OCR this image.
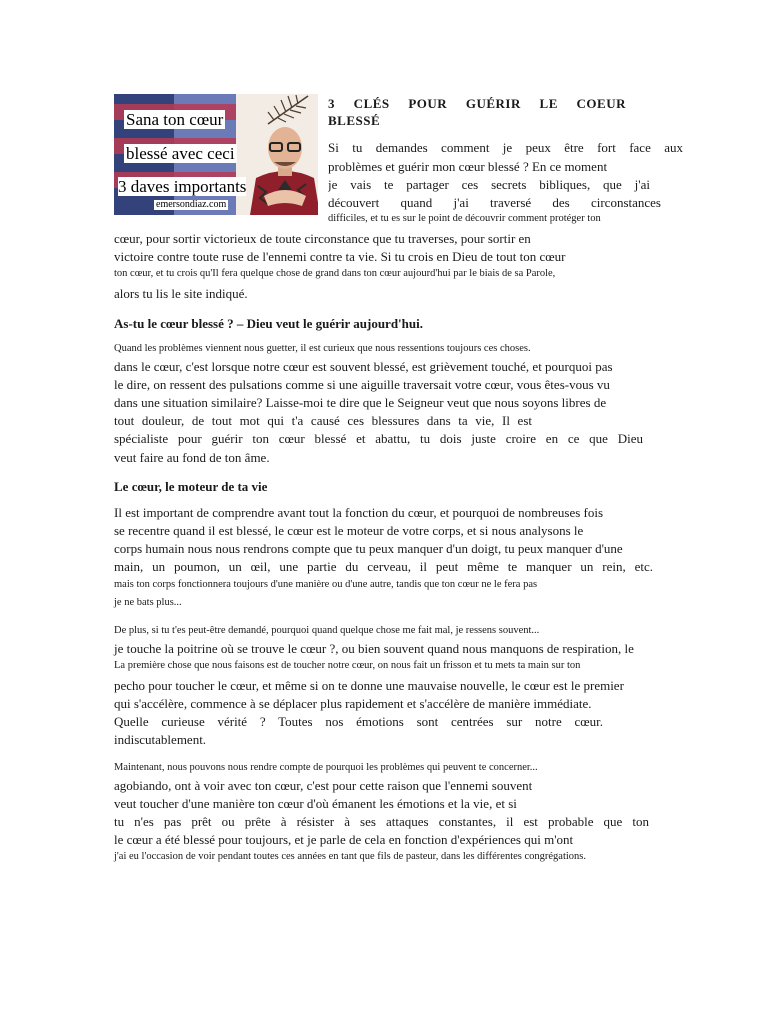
Sana ton cœur
blessé avec ceci
3 daves importants
emersondiaz.com
3 CLÉS POUR GUÉRIR LE COEUR
BLESSÉ
Si tu demandes comment je peux être fort face aux
problèmes et guérir mon cœur blessé ? En ce moment
je vais te partager ces secrets bibliques, que j'ai
découvert quand j'ai traversé des circonstances
difficiles, et tu es sur le point de découvrir comment protéger ton
cœur, pour sortir victorieux de toute circonstance que tu traverses, pour sortir en
victoire contre toute ruse de l'ennemi contre ta vie. Si tu crois en Dieu de tout ton cœur
ton cœur, et tu crois qu'Il fera quelque chose de grand dans ton cœur aujourd'hui par le biais de sa Parole,
alors tu lis le site indiqué.
As-tu le cœur blessé ? – Dieu veut le guérir aujourd'hui.
Quand les problèmes viennent nous guetter, il est curieux que nous ressentions toujours ces choses.
dans le cœur, c'est lorsque notre cœur est souvent blessé, est grièvement touché, et pourquoi pas
le dire, on ressent des pulsations comme si une aiguille traversait votre cœur, vous êtes-vous vu
dans une situation similaire? Laisse-moi te dire que le Seigneur veut que nous soyons libres de
tout douleur, de tout mot qui t'a causé ces blessures dans ta vie, Il est
spécialiste pour guérir ton cœur blessé et abattu, tu dois juste croire en ce que Dieu
veut faire au fond de ton âme.
Le cœur, le moteur de ta vie
Il est important de comprendre avant tout la fonction du cœur, et pourquoi de nombreuses fois
se recentre quand il est blessé, le cœur est le moteur de votre corps, et si nous analysons le
corps humain nous nous rendrons compte que tu peux manquer d'un doigt, tu peux manquer d'une
main, un poumon, un œil, une partie du cerveau, il peut même te manquer un rein, etc.
mais ton corps fonctionnera toujours d'une manière ou d'une autre, tandis que ton cœur ne le fera pas
je ne bats plus...
De plus, si tu t'es peut-être demandé, pourquoi quand quelque chose me fait mal, je ressens souvent...
je touche la poitrine où se trouve le cœur ?, ou bien souvent quand nous manquons de respiration, le
La première chose que nous faisons est de toucher notre cœur, on nous fait un frisson et tu mets ta main sur ton
pecho pour toucher le cœur, et même si on te donne une mauvaise nouvelle, le cœur est le premier
qui s'accélère, commence à se déplacer plus rapidement et s'accélère de manière immédiate.
Quelle curieuse vérité ? Toutes nos émotions sont centrées sur notre cœur.
indiscutablement.
Maintenant, nous pouvons nous rendre compte de pourquoi les problèmes qui peuvent te concerner...
agobiando, ont à voir avec ton cœur, c'est pour cette raison que l'ennemi souvent
veut toucher d'une manière ton cœur d'où émanent les émotions et la vie, et si
tu n'es pas prêt ou prête à résister à ses attaques constantes, il est probable que ton
le cœur a été blessé pour toujours, et je parle de cela en fonction d'expériences qui m'ont
j'ai eu l'occasion de voir pendant toutes ces années en tant que fils de pasteur, dans les différentes congrégations.
